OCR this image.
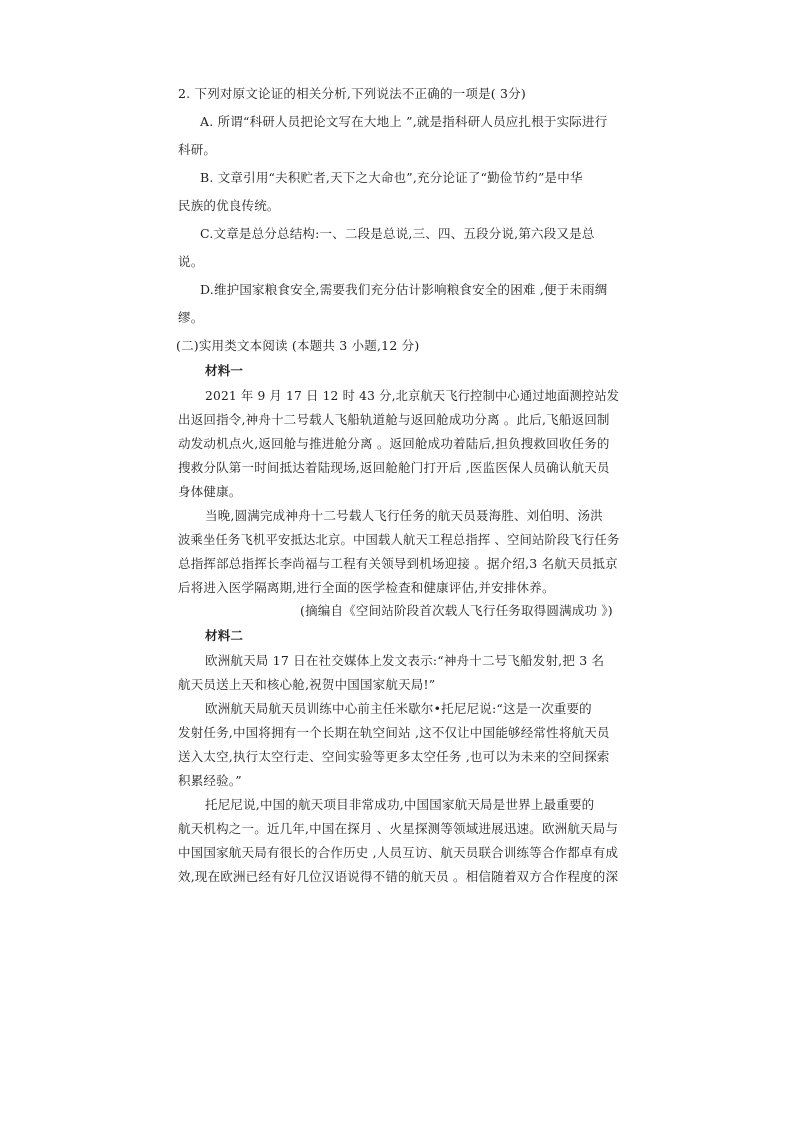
2. 下列对原文论证的相关分析,下列说法不正确的一项是( 3分)
A. 所谓“科研人员把论文写在大地上 ”,就是指科研人员应扎根于实际进行
科研。
B. 文章引用“夫积贮者,天下之大命也”,充分论证了“勤俭节约”是中华
民族的优良传统。
C.文章是总分总结构:一、二段是总说,三、四、五段分说,第六段又是总
说。
D.维护国家粮食安全,需要我们充分估计影响粮食安全的困难 ,便于未雨绸
缪。
(二)实用类文本阅读 (本题共 3 小题,12 分)
材料一
2021 年 9 月 17 日 12 时 43 分,北京航天飞行控制中心通过地面测控站发
出返回指令,神舟十二号载人飞船轨道舱与返回舱成功分离 。此后,飞船返回制
动发动机点火,返回舱与推进舱分离 。返回舱成功着陆后,担负搜救回收任务的
搜救分队第一时间抵达着陆现场,返回舱舱门打开后 ,医监医保人员确认航天员
身体健康。
当晚,圆满完成神舟十二号载人飞行任务的航天员聂海胜、刘伯明、汤洪
波乘坐任务飞机平安抵达北京。中国载人航天工程总指挥 、空间站阶段飞行任务
总指挥部总指挥长李尚福与工程有关领导到机场迎接 。据介绍,3 名航天员抵京
后将进入医学隔离期,进行全面的医学检查和健康评估,并安排休养。
(摘编自《空间站阶段首次载人飞行任务取得圆满成功 》)
材料二
欧洲航天局 17 日在社交媒体上发文表示:“神舟十二号飞船发射,把 3 名
航天员送上天和核心舱,祝贺中国国家航天局!”
欧洲航天局航天员训练中心前主任米歇尔•托尼尼说:“这是一次重要的
发射任务,中国将拥有一个长期在轨空间站 ,这不仅让中国能够经常性将航天员
送入太空,执行太空行走、空间实验等更多太空任务 ,也可以为未来的空间探索
积累经验。”
托尼尼说,中国的航天项目非常成功,中国国家航天局是世界上最重要的
航天机构之一。近几年,中国在探月 、火星探测等领域进展迅速。欧洲航天局与
中国国家航天局有很长的合作历史 ,人员互访、航天员联合训练等合作都卓有成
效,现在欧洲已经有好几位汉语说得不错的航天员 。相信随着双方合作程度的深
